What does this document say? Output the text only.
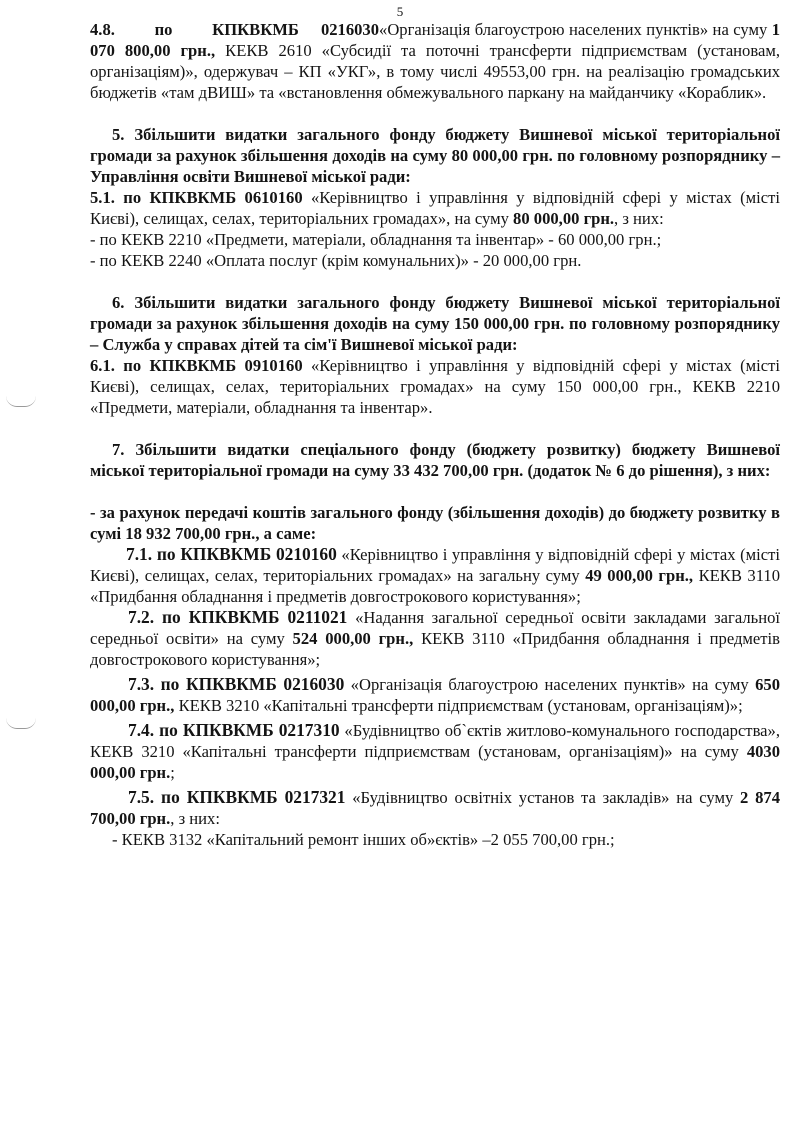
5

4.8. по КПКВКМБ 0216030«Організація благоустрою населених пунктів» на суму 1 070 800,00 грн., КЕКВ 2610 «Субсидії та поточні трансферти підприємствам (установам, організаціям)», одержувач – КП «УКГ», в тому числі 49553,00 грн. на реалізацію громадських бюджетів «там дВИШ» та «встановлення обмежувального паркану на майданчику «Кораблик».

5. Збільшити видатки загального фонду бюджету Вишневої міської територіальної громади за рахунок збільшення доходів на суму 80 000,00 грн. по головному розпоряднику – Управління освіти Вишневої міської ради:

5.1. по КПКВКМБ 0610160 «Керівництво і управління у відповідній сфері у містах (місті Києві), селищах, селах, територіальних громадах», на суму 80 000,00 грн., з них:

- по КЕКВ 2210 «Предмети, матеріали, обладнання та інвентар» - 60 000,00 грн.;

- по КЕКВ 2240 «Оплата послуг (крім комунальних)» - 20 000,00 грн.

6. Збільшити видатки загального фонду бюджету Вишневої міської територіальної громади за рахунок збільшення доходів на суму 150 000,00 грн. по головному розпоряднику – Служба у справах дітей та сім'ї Вишневої міської ради:

6.1. по КПКВКМБ 0910160 «Керівництво і управління у відповідній сфері у містах (місті Києві), селищах, селах, територіальних громадах» на суму 150 000,00 грн., КЕКВ 2210 «Предмети, матеріали, обладнання та інвентар».

7. Збільшити видатки спеціального фонду (бюджету розвитку) бюджету Вишневої міської територіальної громади на суму 33 432 700,00 грн. (додаток № 6 до рішення), з них:

- за рахунок передачі коштів загального фонду (збільшення доходів) до бюджету розвитку в сумі 18 932 700,00 грн., а саме:

7.1. по КПКВКМБ 0210160 «Керівництво і управління у відповідній сфері у містах (місті Києві), селищах, селах, територіальних громадах» на загальну суму 49 000,00 грн., КЕКВ 3110 «Придбання обладнання і предметів довгострокового користування»;

7.2. по КПКВКМБ 0211021 «Надання загальної середньої освіти закладами загальної середньої освіти» на суму 524 000,00 грн., КЕКВ 3110 «Придбання обладнання і предметів довгострокового користування»;

7.3. по КПКВКМБ 0216030 «Організація благоустрою населених пунктів» на суму 650 000,00 грн., КЕКВ 3210 «Капітальні трансферти підприємствам (установам, організаціям)»;

7.4. по КПКВКМБ 0217310 «Будівництво об`єктів житлово-комунального господарства», КЕКВ 3210 «Капітальні трансферти підприємствам (установам, організаціям)» на суму 4030 000,00 грн.;

7.5. по КПКВКМБ 0217321 «Будівництво освітніх установ та закладів» на суму 2 874 700,00 грн., з них:

- КЕКВ 3132 «Капітальний ремонт інших об»єктів» –2 055 700,00 грн.;
